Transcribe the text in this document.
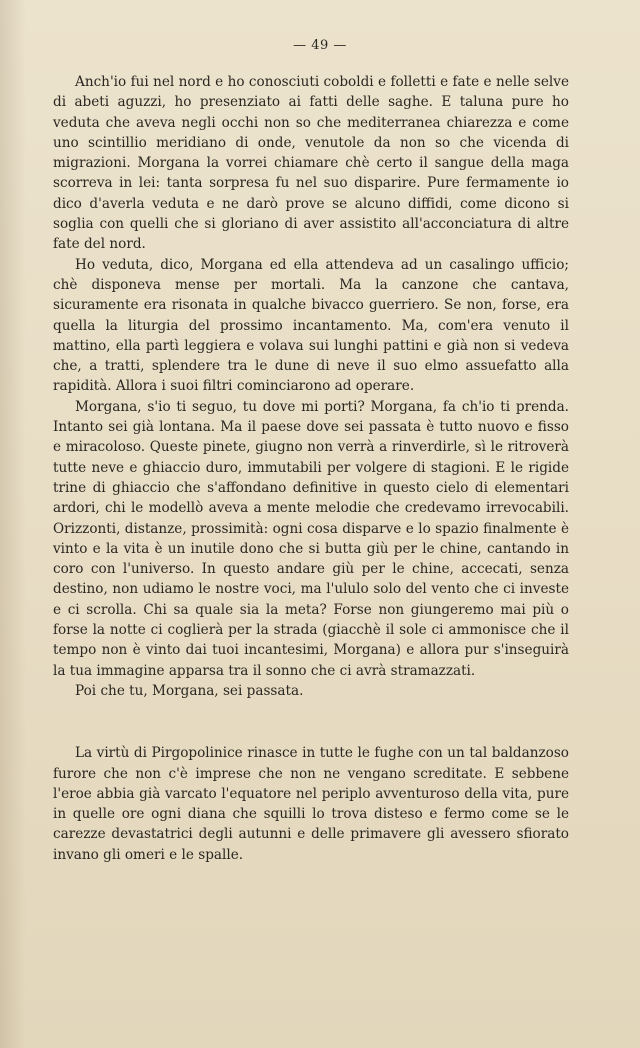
— 49 —

Anch'io fui nel nord e ho conosciuti coboldi e folletti e fate e nelle selve di abeti aguzzi, ho presenziato ai fatti delle saghe. E taluna pure ho veduta che aveva negli occhi non so che mediterranea chiarezza e come uno scintillio meridiano di onde, venutole da non so che vicenda di migrazioni. Morgana la vorrei chiamare chè certo il sangue della maga scorreva in lei: tanta sorpresa fu nel suo disparire. Pure fermamente io dico d'averla veduta e ne darò prove se alcuno diffidi, come dicono si soglia con quelli che si gloriano di aver assistito all'acconciatura di altre fate del nord.

Ho veduta, dico, Morgana ed ella attendeva ad un casalingo ufficio; chè disponeva mense per mortali. Ma la canzone che cantava, sicuramente era risonata in qualche bivacco guerriero. Se non, forse, era quella la liturgia del prossimo incantamento. Ma, com'era venuto il mattino, ella partì leggiera e volava sui lunghi pattini e già non si vedeva che, a tratti, splendere tra le dune di neve il suo elmo assuefatto alla rapidità. Allora i suoi filtri cominciarono ad operare.

Morgana, s'io ti seguo, tu dove mi porti? Morgana, fa ch'io ti prenda. Intanto sei già lontana. Ma il paese dove sei passata è tutto nuovo e fisso e miracoloso. Queste pinete, giugno non verrà a rinverdirle, sì le ritroverà tutte neve e ghiaccio duro, immutabili per volgere di stagioni. E le rigide trine di ghiaccio che s'affondano definitive in questo cielo di elementari ardori, chi le modellò aveva a mente melodie che credevamo irrevocabili. Orizzonti, distanze, prossimità: ogni cosa disparve e lo spazio finalmente è vinto e la vita è un inutile dono che si butta giù per le chine, cantando in coro con l'universo. In questo andare giù per le chine, accecati, senza destino, non udiamo le nostre voci, ma l'ululo solo del vento che ci investe e ci scrolla. Chi sa quale sia la meta? Forse non giungeremo mai più o forse la notte ci coglierà per la strada (giacchè il sole ci ammonisce che il tempo non è vinto dai tuoi incantesimi, Morgana) e allora pur s'inseguirà la tua immagine apparsa tra il sonno che ci avrà stramazzati.

Poi che tu, Morgana, sei passata.

La virtù di Pirgopolinice rinasce in tutte le fughe con un tal baldanzoso furore che non c'è imprese che non ne vengano screditate. E sebbene l'eroe abbia già varcato l'equatore nel periplo avventuroso della vita, pure in quelle ore ogni diana che squilli lo trova disteso e fermo come se le carezze devastatrici degli autunni e delle primavere gli avessero sfiorato invano gli omeri e le spalle.
